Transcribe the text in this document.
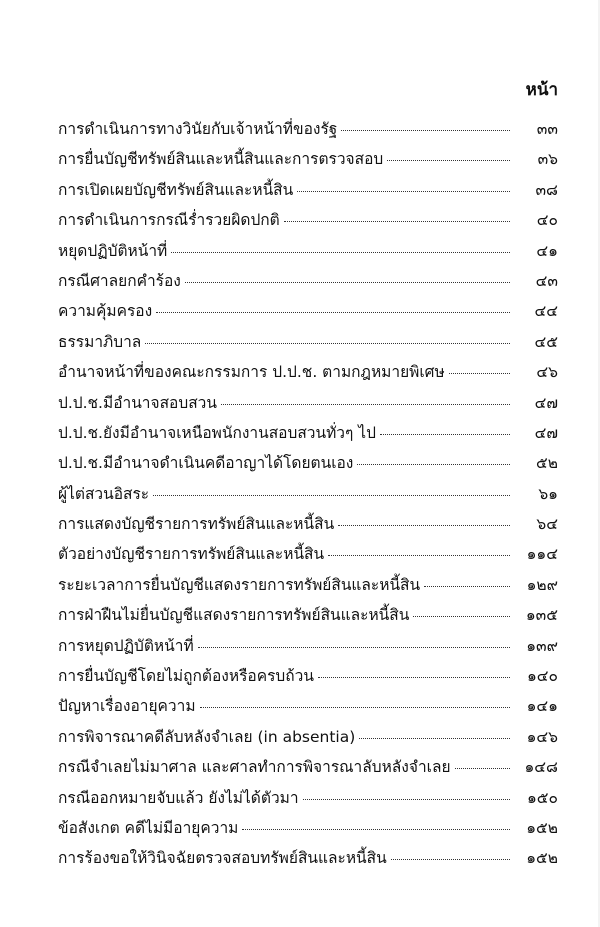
หน้า
การดำเนินการทางวินัยกับเจ้าหน้าที่ของรัฐ	๓๓
การยื่นบัญชีทรัพย์สินและหนี้สินและการตรวจสอบ	๓๖
การเปิดเผยบัญชีทรัพย์สินและหนี้สิน	๓๘
การดำเนินการกรณีร่ำรวยผิดปกติ	๔๐
หยุดปฏิบัติหน้าที่	๔๑
กรณีศาลยกคำร้อง	๔๓
ความคุ้มครอง	๔๔
ธรรมาภิบาล	๔๕
อำนาจหน้าที่ของคณะกรรมการ ป.ป.ช. ตามกฎหมายพิเศษ	๔๖
ป.ป.ช.มีอำนาจสอบสวน	๔๗
ป.ป.ช.ยังมีอำนาจเหนือพนักงานสอบสวนทั่วๆ ไป	๔๗
ป.ป.ช.มีอำนาจดำเนินคดีอาญาได้โดยตนเอง	๕๒
ผู้ไต่สวนอิสระ	๖๑
การแสดงบัญชีรายการทรัพย์สินและหนี้สิน	๖๔
ตัวอย่างบัญชีรายการทรัพย์สินและหนี้สิน	๑๑๔
ระยะเวลาการยื่นบัญชีแสดงรายการทรัพย์สินและหนี้สิน	๑๒๙
การฝ่าฝืนไม่ยื่นบัญชีแสดงรายการทรัพย์สินและหนี้สิน	๑๓๕
การหยุดปฏิบัติหน้าที่	๑๓๙
การยื่นบัญชีโดยไม่ถูกต้องหรือครบถ้วน	๑๔๐
ปัญหาเรื่องอายุความ	๑๔๑
การพิจารณาคดีลับหลังจำเลย (in absentia)	๑๔๖
กรณีจำเลยไม่มาศาล และศาลทำการพิจารณาลับหลังจำเลย	๑๔๘
กรณีออกหมายจับแล้ว ยังไม่ได้ตัวมา	๑๕๐
ข้อสังเกต คดีไม่มีอายุความ	๑๕๒
การร้องขอให้วินิจฉัยตรวจสอบทรัพย์สินและหนี้สิน	๑๕๒
